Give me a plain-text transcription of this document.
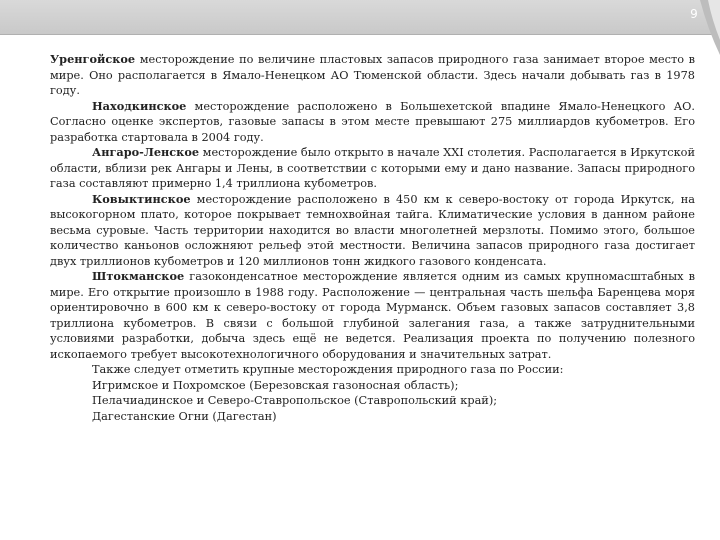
9

Уренгойское месторождение по величине пластовых запасов природного газа занимает второе место в мире. Оно располагается в Ямало-Ненецком АО Тюменской области. Здесь начали добывать газ в 1978 году.

Находкинское месторождение расположено в Большехетской впадине Ямало-Ненецкого АО. Согласно оценке экспертов, газовые запасы в этом месте превышают 275 миллиардов кубометров. Его разработка стартовала в 2004 году.

Ангаро-Ленское месторождение было открыто в начале XXI столетия. Располагается в Иркутской области, вблизи рек Ангары и Лены, в соответствии с которыми ему и дано название. Запасы природного газа составляют примерно 1,4 триллиона кубометров.

Ковыктинское месторождение расположено в 450 км к северо-востоку от города Иркутск, на высокогорном плато, которое покрывает темнохвойная тайга. Климатические условия в данном районе весьма суровые. Часть территории находится во власти многолетней мерзлоты. Помимо этого, большое количество каньонов осложняют рельеф этой местности. Величина запасов природного газа достигает двух триллионов кубометров и 120 миллионов тонн жидкого газового конденсата.

Штокманское газоконденсатное месторождение является одним из самых крупномасштабных в мире. Его открытие произошло в 1988 году. Расположение — центральная часть шельфа Баренцева моря ориентировочно в 600 км к северо-востоку от города Мурманск. Объем газовых запасов составляет 3,8 триллиона кубометров. В связи с большой глубиной залегания газа, а также затруднительными условиями разработки, добыча здесь ещё не ведется. Реализация проекта по получению полезного ископаемого требует высокотехнологичного оборудования и значительных затрат.

Также следует отметить крупные месторождения природного газа по России:

Игримское и Похромское (Березовская газоносная область);

Пелачиадинское и Северо-Ставропольское (Ставропольский край);

Дагестанские Огни (Дагестан)
